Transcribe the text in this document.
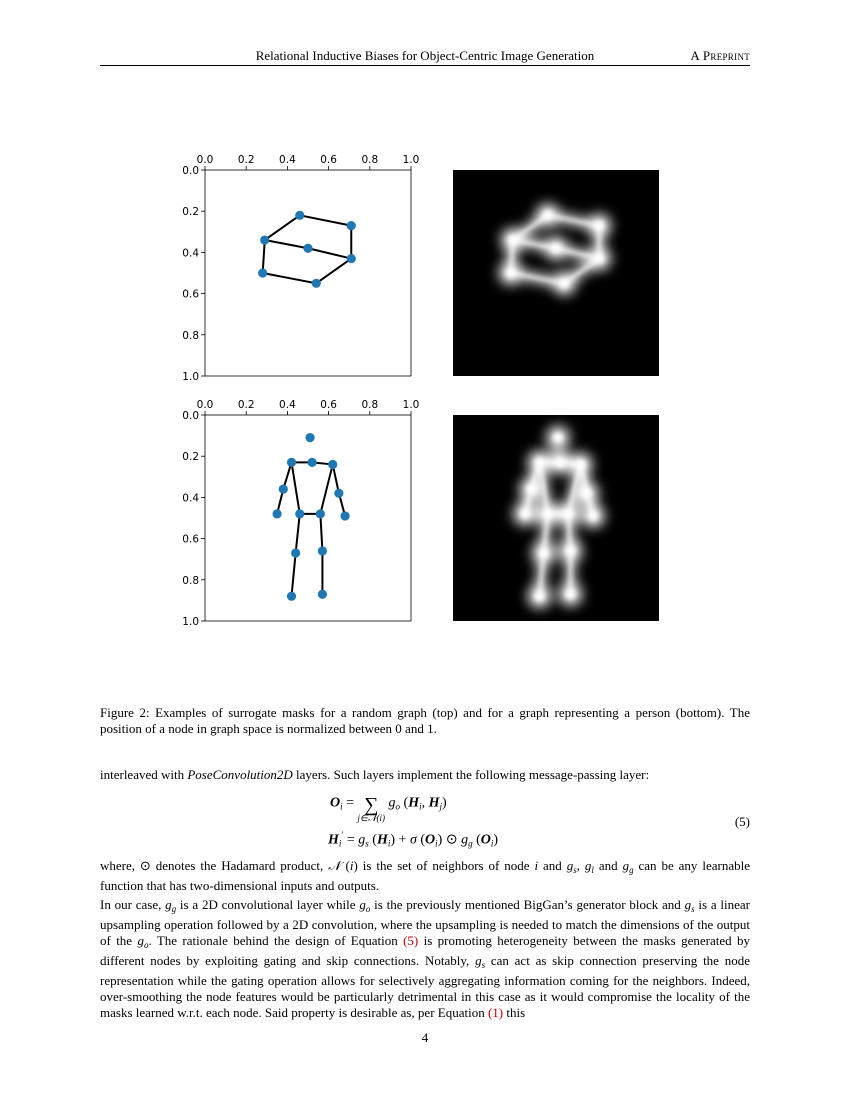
Relational Inductive Biases for Object-Centric Image Generation	A Preprint
0.0 0.2 0.4 0.6 0.8 1.0
0.0
0.2
0.4
0.6
0.8
1.0
0.0 0.2 0.4 0.6 0.8 1.0
0.0
0.2
0.4
0.6
0.8
1.0
Figure 2: Examples of surrogate masks for a random graph (top) and for a graph representing a person (bottom). The position of a node in graph space is normalized between 0 and 1.
interleaved with PoseConvolution2D layers. Such layers implement the following message-passing layer:
$O_i$ = ∑
j∈𝒩(i)
$g_o$ ($H_i$, $H_j$)
$H_i' = g_s$ $(H_i) + \sigma$ $(O_i)$ ⊙ $g_g$ $(O_i)$
(5)
where, ⊙ denotes the Hadamard product, 𝒩 (i) is the set of neighbors of node i and $g_s$, $g_l$ and $g_g$ can be any learnable function that has two-dimensional inputs and outputs.
In our case, $g_g$ is a 2D convolutional layer while $g_o$ is the previously mentioned BigGan’s generator block and $g_s$ is a linear upsampling operation followed by a 2D convolution, where the upsampling is needed to match the dimensions of the output of the $g_o$. The rationale behind the design of Equation (5) is promoting heterogeneity between the masks generated by different nodes by exploiting gating and skip connections. Notably, $g_s$ can act as skip connection preserving the node representation while the gating operation allows for selectively aggregating information coming for the neighbors. Indeed, over-smoothing the node features would be particularly detrimental in this case as it would compromise the locality of the masks learned w.r.t. each node. Said property is desirable as, per Equation (1) this
4
